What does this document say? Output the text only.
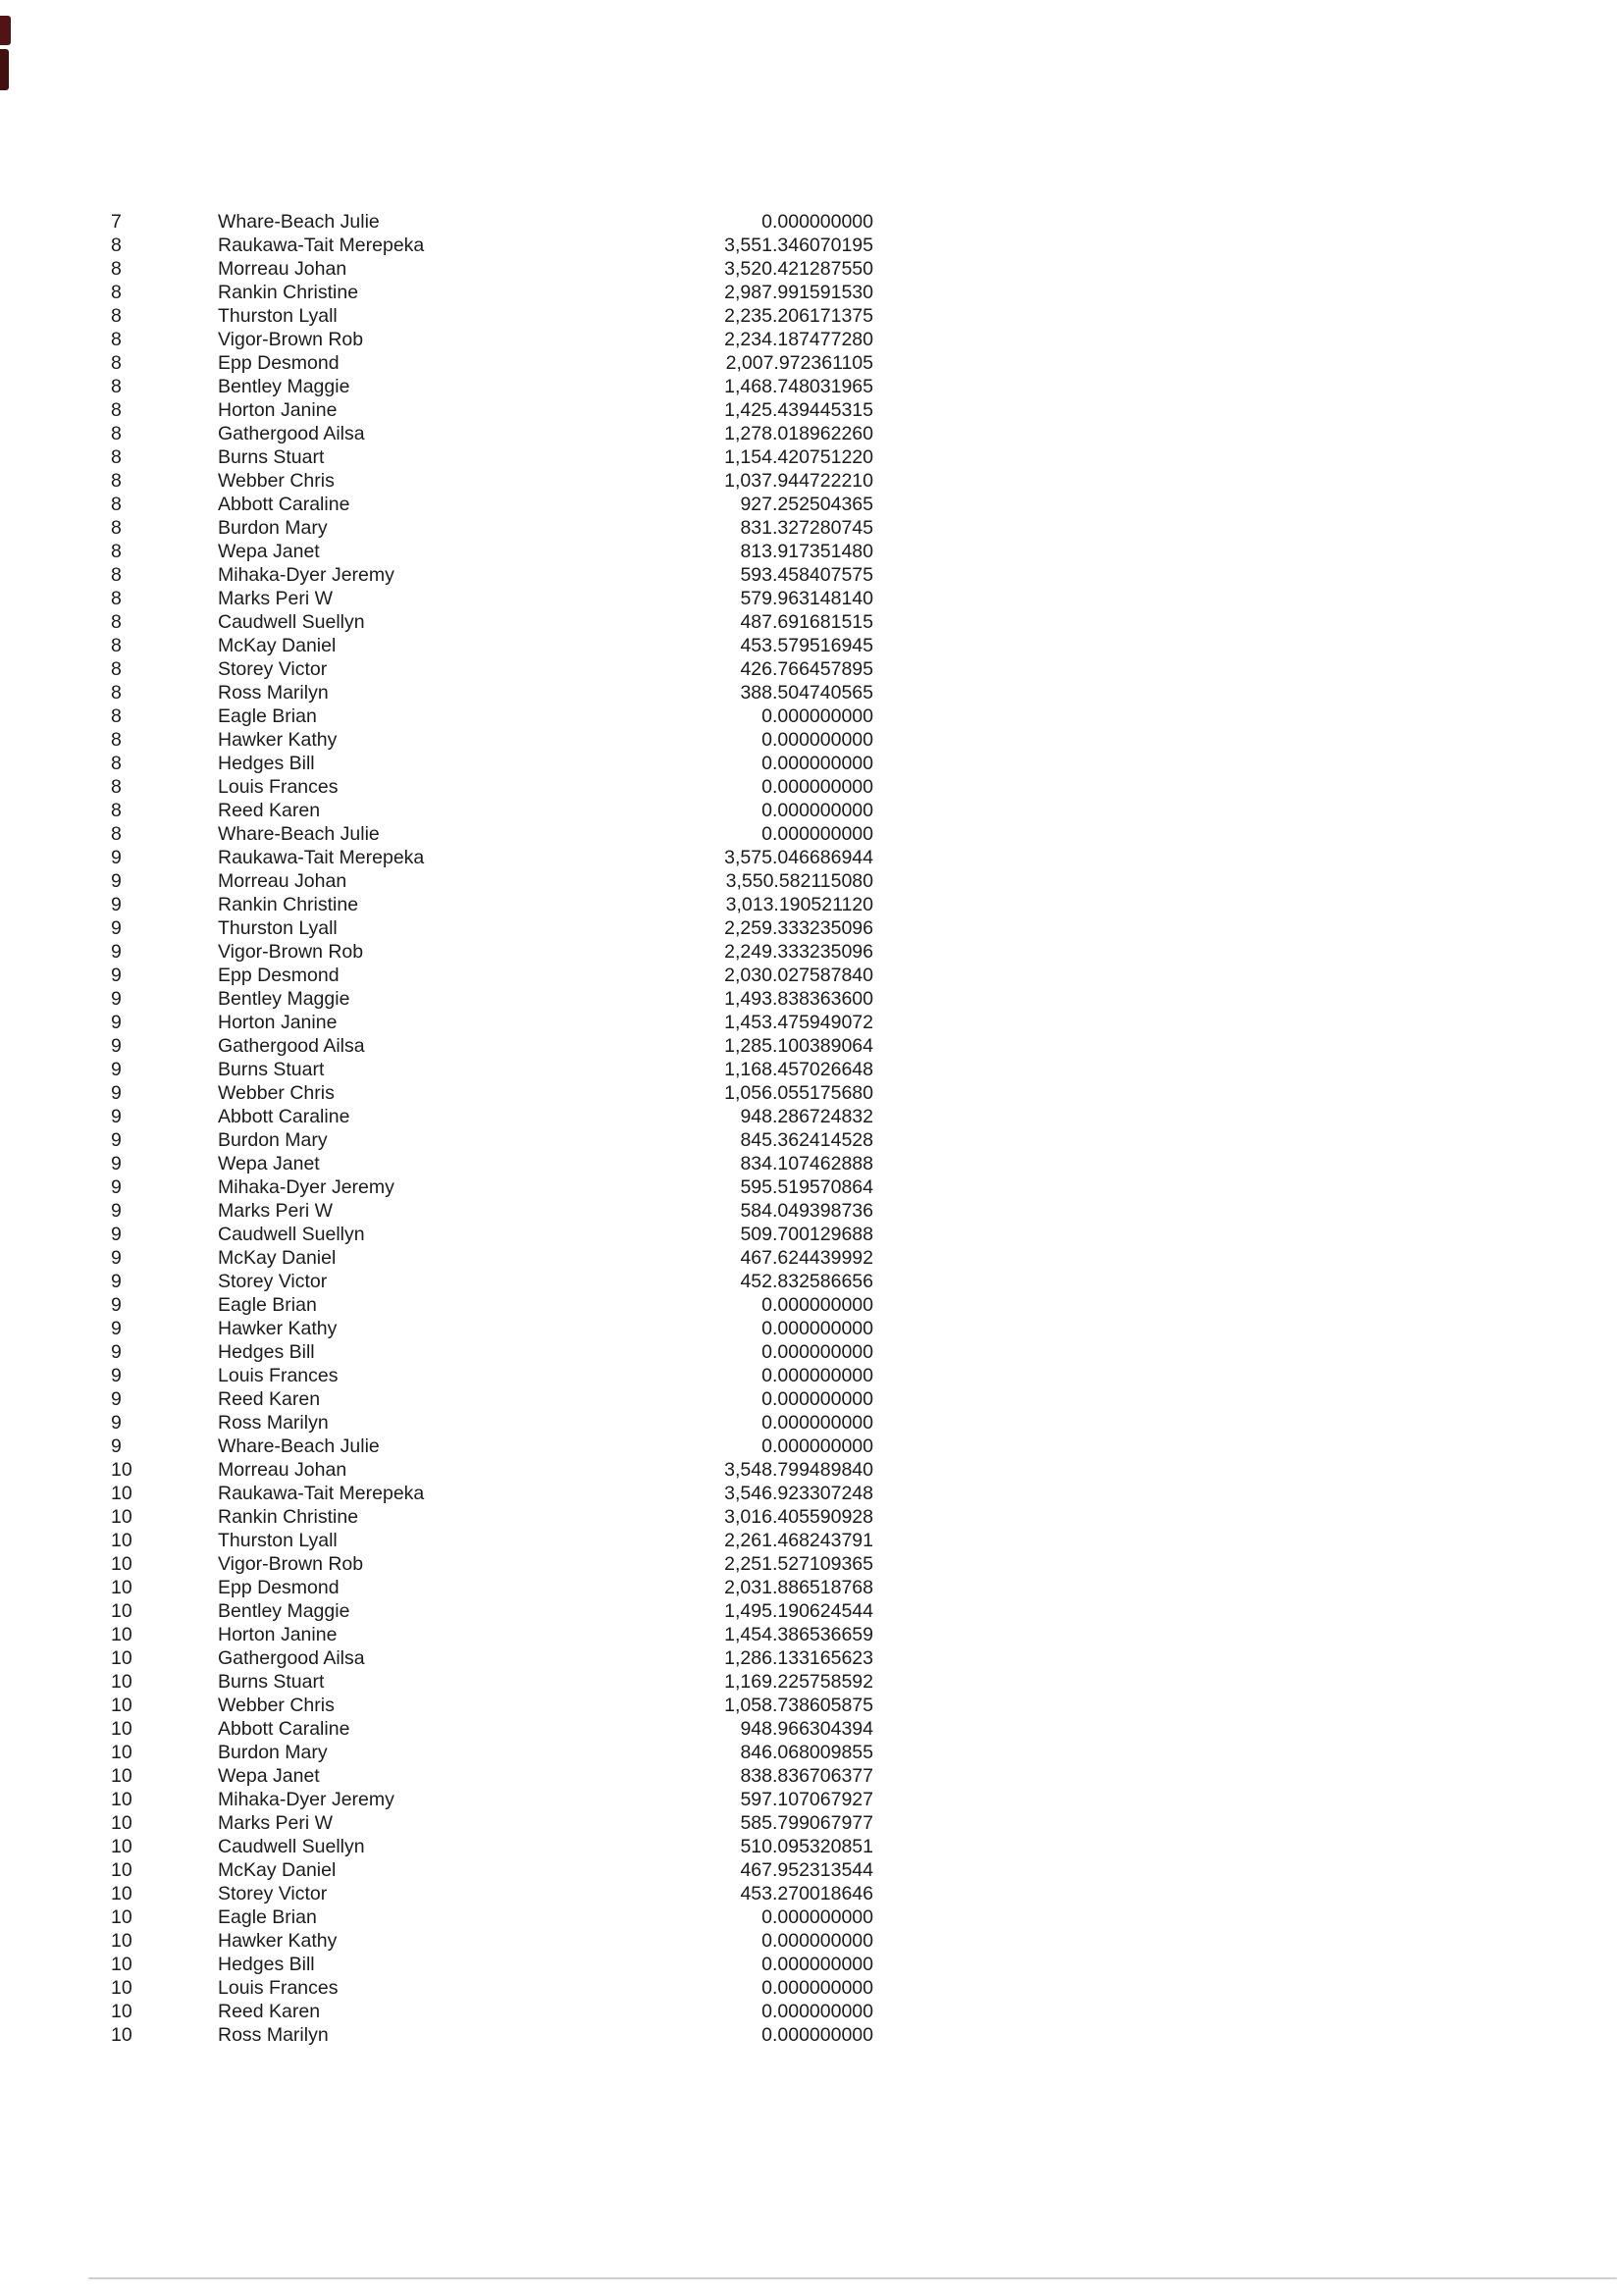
7	Whare-Beach Julie	0.000000000
8	Raukawa-Tait Merepeka	3,551.346070195
8	Morreau Johan	3,520.421287550
8	Rankin Christine	2,987.991591530
8	Thurston Lyall	2,235.206171375
8	Vigor-Brown Rob	2,234.187477280
8	Epp Desmond	2,007.972361105
8	Bentley Maggie	1,468.748031965
8	Horton Janine	1,425.439445315
8	Gathergood Ailsa	1,278.018962260
8	Burns Stuart	1,154.420751220
8	Webber Chris	1,037.944722210
8	Abbott Caraline	927.252504365
8	Burdon Mary	831.327280745
8	Wepa Janet	813.917351480
8	Mihaka-Dyer Jeremy	593.458407575
8	Marks Peri W	579.963148140
8	Caudwell Suellyn	487.691681515
8	McKay Daniel	453.579516945
8	Storey Victor	426.766457895
8	Ross Marilyn	388.504740565
8	Eagle Brian	0.000000000
8	Hawker Kathy	0.000000000
8	Hedges Bill	0.000000000
8	Louis Frances	0.000000000
8	Reed Karen	0.000000000
8	Whare-Beach Julie	0.000000000
9	Raukawa-Tait Merepeka	3,575.046686944
9	Morreau Johan	3,550.582115080
9	Rankin Christine	3,013.190521120
9	Thurston Lyall	2,259.333235096
9	Vigor-Brown Rob	2,249.333235096
9	Epp Desmond	2,030.027587840
9	Bentley Maggie	1,493.838363600
9	Horton Janine	1,453.475949072
9	Gathergood Ailsa	1,285.100389064
9	Burns Stuart	1,168.457026648
9	Webber Chris	1,056.055175680
9	Abbott Caraline	948.286724832
9	Burdon Mary	845.362414528
9	Wepa Janet	834.107462888
9	Mihaka-Dyer Jeremy	595.519570864
9	Marks Peri W	584.049398736
9	Caudwell Suellyn	509.700129688
9	McKay Daniel	467.624439992
9	Storey Victor	452.832586656
9	Eagle Brian	0.000000000
9	Hawker Kathy	0.000000000
9	Hedges Bill	0.000000000
9	Louis Frances	0.000000000
9	Reed Karen	0.000000000
9	Ross Marilyn	0.000000000
9	Whare-Beach Julie	0.000000000
10	Morreau Johan	3,548.799489840
10	Raukawa-Tait Merepeka	3,546.923307248
10	Rankin Christine	3,016.405590928
10	Thurston Lyall	2,261.468243791
10	Vigor-Brown Rob	2,251.527109365
10	Epp Desmond	2,031.886518768
10	Bentley Maggie	1,495.190624544
10	Horton Janine	1,454.386536659
10	Gathergood Ailsa	1,286.133165623
10	Burns Stuart	1,169.225758592
10	Webber Chris	1,058.738605875
10	Abbott Caraline	948.966304394
10	Burdon Mary	846.068009855
10	Wepa Janet	838.836706377
10	Mihaka-Dyer Jeremy	597.107067927
10	Marks Peri W	585.799067977
10	Caudwell Suellyn	510.095320851
10	McKay Daniel	467.952313544
10	Storey Victor	453.270018646
10	Eagle Brian	0.000000000
10	Hawker Kathy	0.000000000
10	Hedges Bill	0.000000000
10	Louis Frances	0.000000000
10	Reed Karen	0.000000000
10	Ross Marilyn	0.000000000
